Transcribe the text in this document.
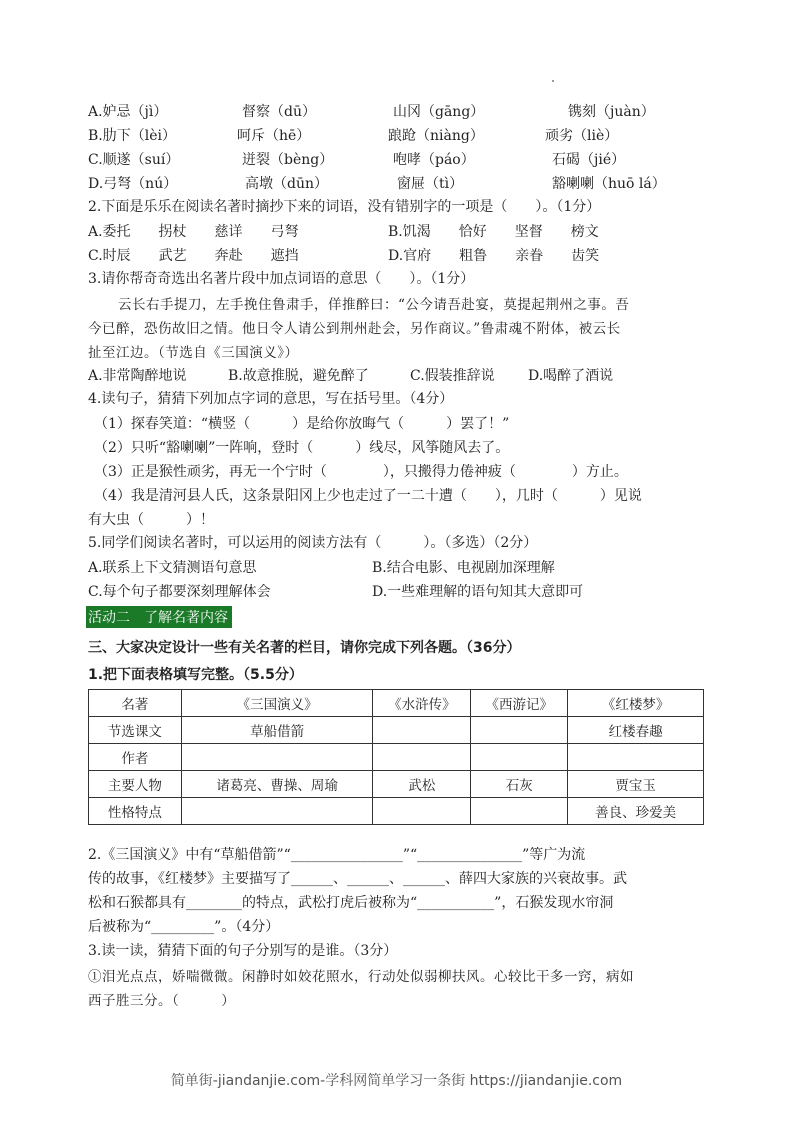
A.妒忌（jì）	督察（dū）	山冈（gāng）	镌刻（juàn）
B.肋下（lèi）	呵斥（hē）	踉跄（niàng）	顽劣（liè）
C.顺遂（suí）	迸裂（bèng）	咆哮（páo）	石碣（jié）
D.弓弩（nú）	高墩（dūn）	窗屉（tì）	豁喇喇（huō lá）
2.下面是乐乐在阅读名著时摘抄下来的词语，没有错别字的一项是（　　）。（1分）
A.委托　　拐杖　　慈详　　弓弩	B.饥渴　　恰好　　坚督　　榜文
C.时辰　　武艺　　奔赴　　遮挡	D.官府　　粗鲁　　亲眷　　齿笑
3.请你帮奇奇选出名著片段中加点词语的意思（　　）。（1分）
云长右手提刀，左手挽住鲁肃手，佯推醉曰：“公今请吾赴宴，莫提起荆州之事。吾
今已醉，恐伤故旧之情。他日令人请公到荆州赴会，另作商议。”鲁肃魂不附体，被云长
扯至江边。（节选自《三国演义》）
A.非常陶醉地说	B.故意推脱，避免醉了	C.假装推辞说 D.喝醉了酒说
4.读句子，猜猜下列加点字词的意思，写在括号里。（4分）
（1）探春笑道：“横竖（　　　）是给你放晦气（　　　）罢了！”
（2）只听“豁喇喇”一阵响，登时（　　　）线尽，风筝随风去了。
（3）正是猴性顽劣，再无一个宁时（　　　　），只搬得力倦神疲（　　　　）方止。
（4）我是清河县人氏，这条景阳冈上少也走过了一二十遭（　　），几时（　　　）见说
有大虫（　　　）！
5.同学们阅读名著时，可以运用的阅读方法有（　　　）。（多选）（2分）
A.联系上下文猜测语句意思	B.结合电影、电视剧加深理解
C.每个句子都要深刻理解体会	D.一些难理解的语句知其大意即可
活动二　了解名著内容
三、大家决定设计一些有关名著的栏目，请你完成下列各题。（36分）
1.把下面表格填写完整。（5.5分）
名著	《三国演义》	《水浒传》	《西游记》	《红楼梦》
节选课文	草船借箭			红楼春趣
作者				
主要人物	诸葛亮、曹操、周瑜	武松	石灰	贾宝玉
性格特点				善良、珍爱美
2.《三国演义》中有“草船借箭”“________________”“_______________”等广为流
传的故事，《红楼梦》主要描写了______、______、______、薛四大家族的兴衰故事。武
松和石猴都具有________的特点，武松打虎后被称为“___________”，石猴发现水帘洞
后被称为“_________”。（4分）
3.读一读，猜猜下面的句子分别写的是谁。（3分）
①泪光点点，娇喘微微。闲静时如姣花照水，行动处似弱柳扶风。心较比干多一窍，病如
西子胜三分。（　　　）
简单街-jiandanjie.com-学科网简单学习一条街 https://jiandanjie.com
